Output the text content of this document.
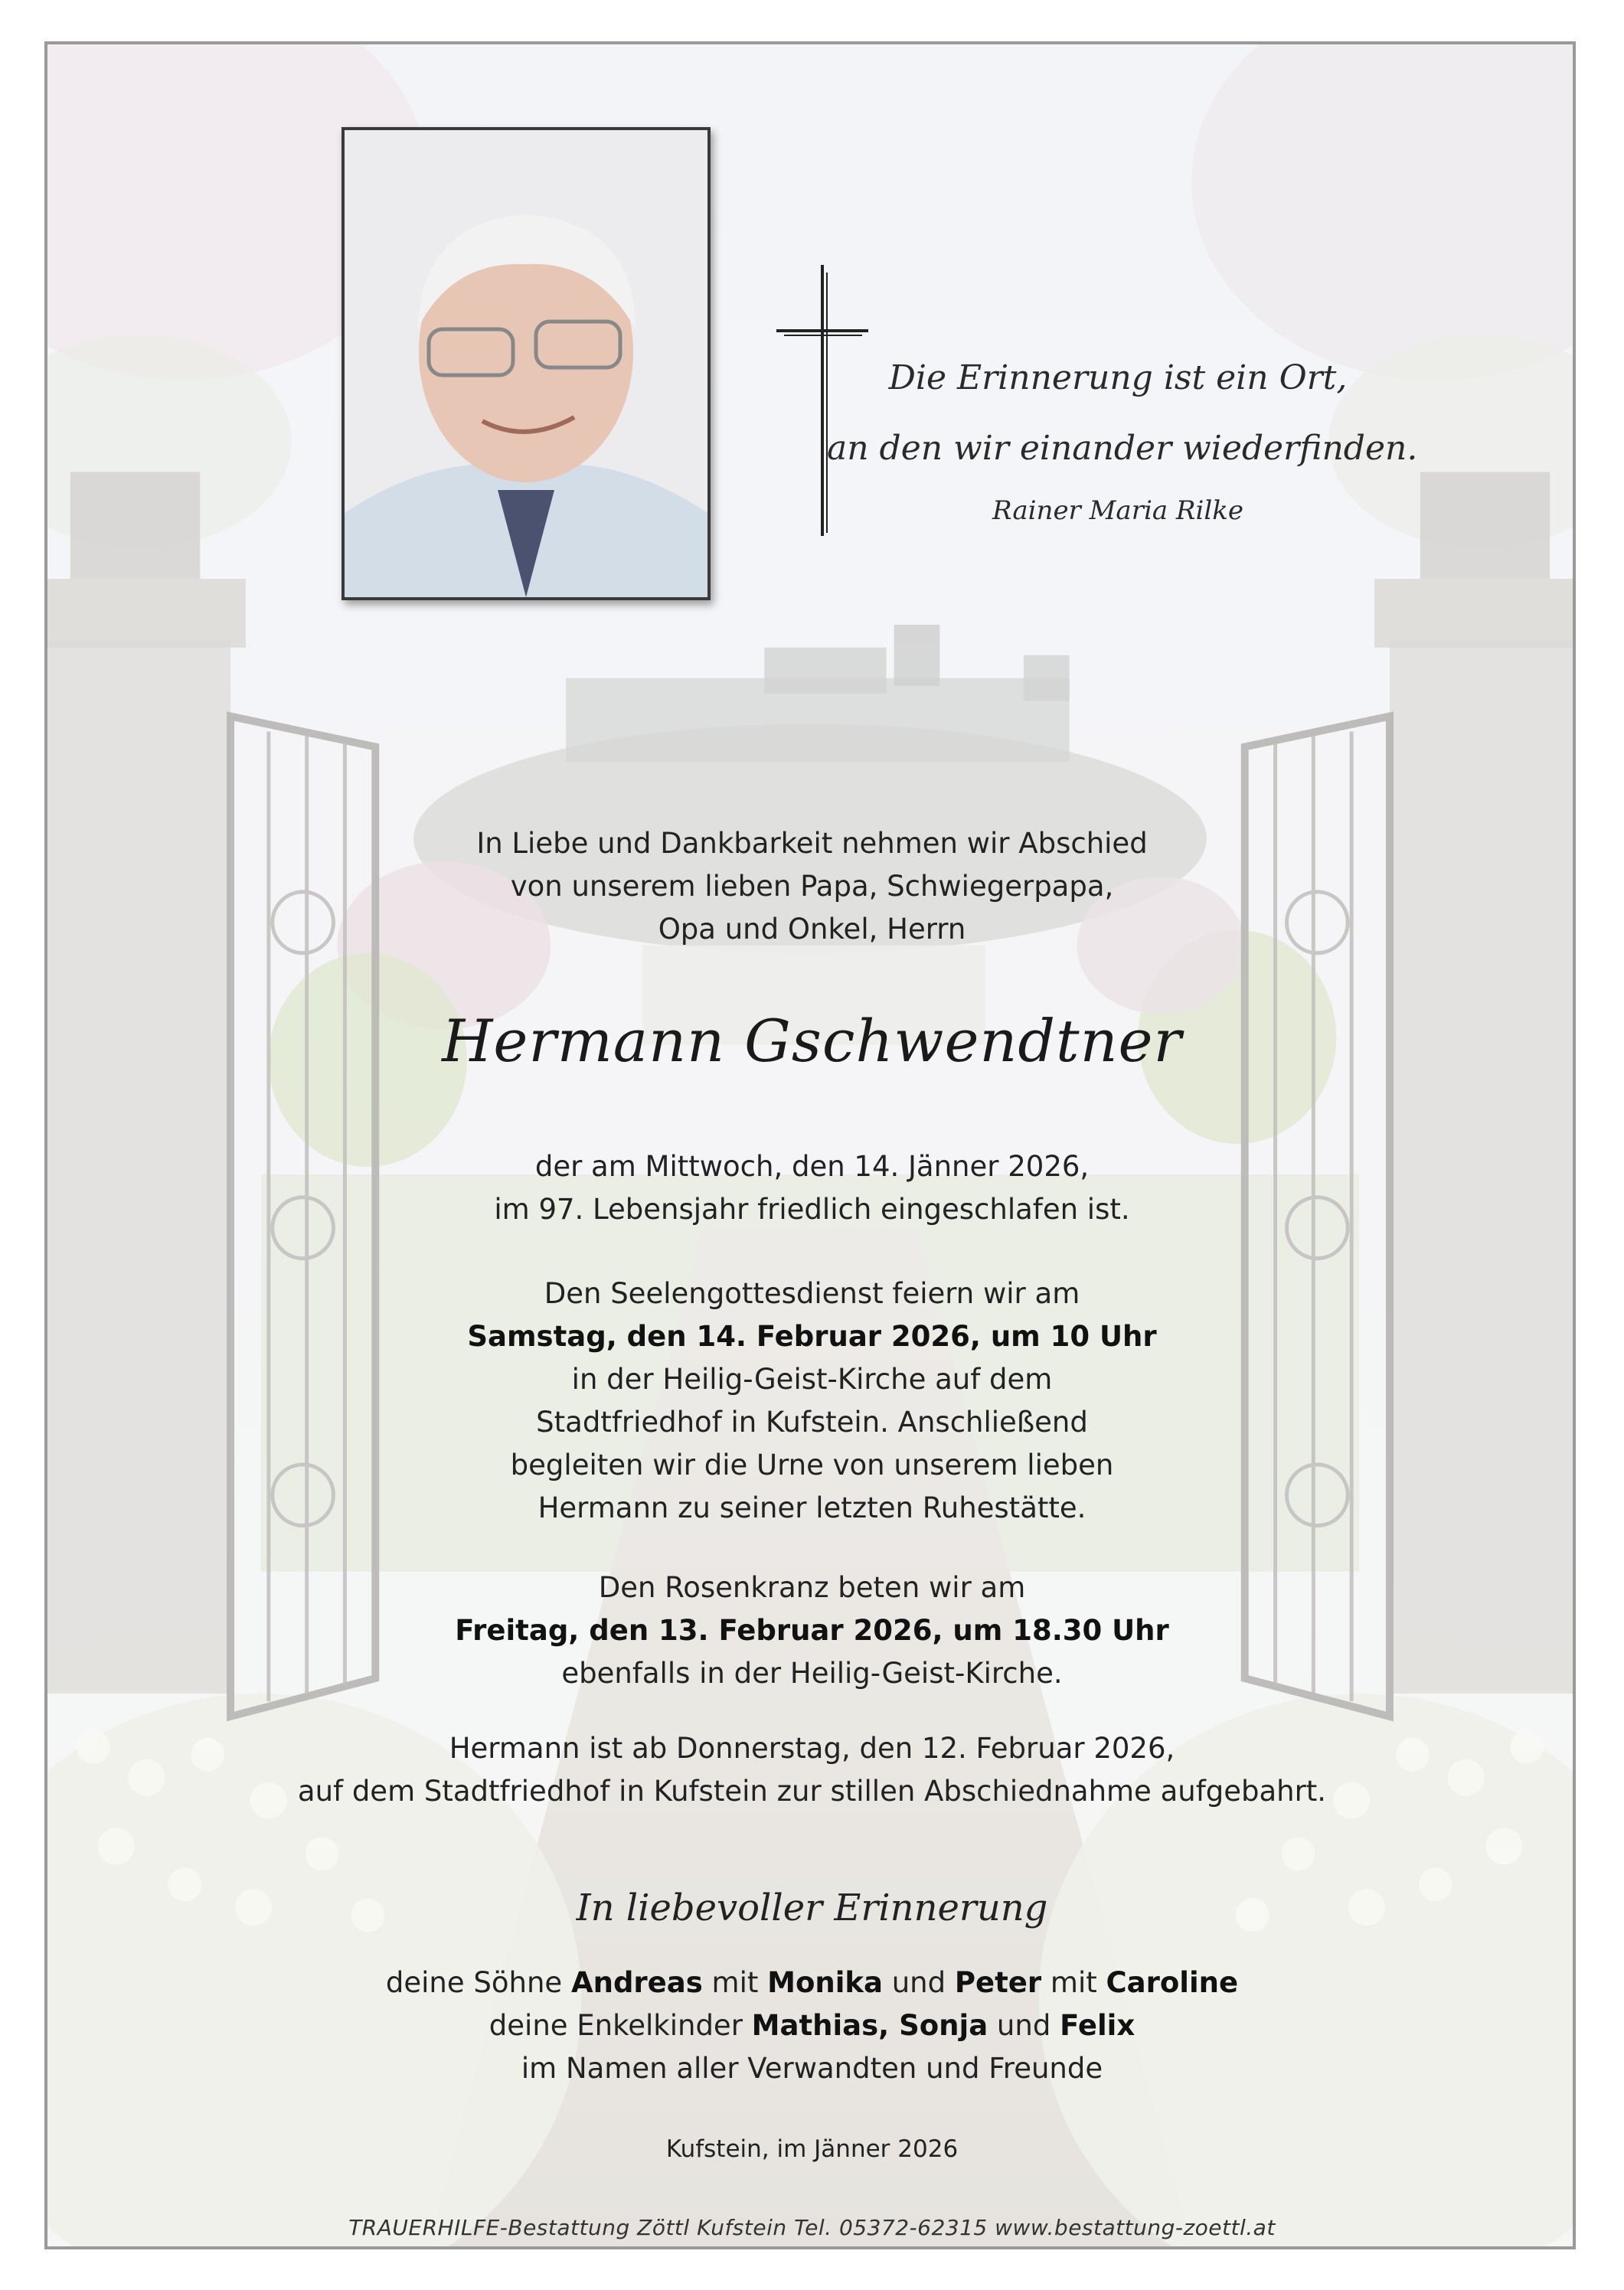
Die Erinnerung ist ein Ort,
an den wir einander wiederfinden.
Rainer Maria Rilke
In Liebe und Dankbarkeit nehmen wir Abschied
von unserem lieben Papa, Schwiegerpapa,
Opa und Onkel, Herrn
Hermann Gschwendtner
der am Mittwoch, den 14. Jänner 2026,
im 97. Lebensjahr friedlich eingeschlafen ist.
Den Seelengottesdienst feiern wir am
Samstag, den 14. Februar 2026, um 10 Uhr
in der Heilig-Geist-Kirche auf dem
Stadtfriedhof in Kufstein. Anschließend
begleiten wir die Urne von unserem lieben
Hermann zu seiner letzten Ruhestätte.
Den Rosenkranz beten wir am
Freitag, den 13. Februar 2026, um 18.30 Uhr
ebenfalls in der Heilig-Geist-Kirche.
Hermann ist ab Donnerstag, den 12. Februar 2026,
auf dem Stadtfriedhof in Kufstein zur stillen Abschiednahme aufgebahrt.
In liebevoller Erinnerung
deine Söhne Andreas mit Monika und Peter mit Caroline
deine Enkelkinder Mathias, Sonja und Felix
im Namen aller Verwandten und Freunde
Kufstein, im Jänner 2026
TRAUERHILFE-Bestattung Zöttl Kufstein Tel. 05372-62315 www.bestattung-zoettl.at
